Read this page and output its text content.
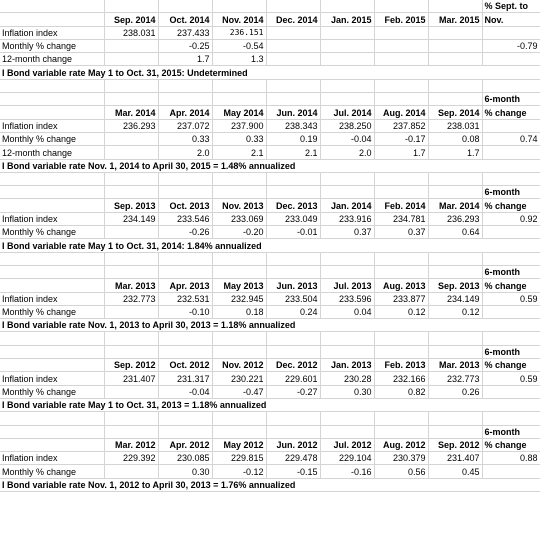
								% Sept. to
	Sep. 2014	Oct. 2014	Nov. 2014	Dec. 2014	Jan. 2015	Feb. 2015	Mar. 2015	Nov.
Inflation index	238.031	237.433	236.151					
Monthly % change		-0.25	-0.54					-0.79
12-month change		1.7	1.3					
I Bond variable rate May 1 to Oct. 31, 2015: Undetermined								

								6-month
	Mar. 2014	Apr. 2014	May 2014	Jun. 2014	Jul. 2014	Aug. 2014	Sep. 2014	% change
Inflation index	236.293	237.072	237.900	238.343	238.250	237.852	238.031	
Monthly % change		0.33	0.33	0.19	-0.04	-0.17	0.08	0.74
12-month change		2.0	2.1	2.1	2.0	1.7	1.7	
I Bond variable rate Nov. 1, 2014 to April 30, 2015 = 1.48% annualized								

								6-month
	Sep. 2013	Oct. 2013	Nov. 2013	Dec. 2013	Jan. 2014	Feb. 2014	Mar. 2014	% change
Inflation index	234.149	233.546	233.069	233.049	233.916	234.781	236.293	0.92
Monthly % change		-0.26	-0.20	-0.01	0.37	0.37	0.64	
I Bond variable rate May 1 to Oct. 31, 2014: 1.84% annualized								

								6-month
	Mar. 2013	Apr. 2013	May 2013	Jun. 2013	Jul. 2013	Aug. 2013	Sep. 2013	% change
Inflation index	232.773	232.531	232.945	233.504	233.596	233.877	234.149	0.59
Monthly % change		-0.10	0.18	0.24	0.04	0.12	0.12	
I Bond variable rate Nov. 1, 2013 to April 30, 2013 = 1.18% annualized								

								6-month
	Sep. 2012	Oct. 2012	Nov. 2012	Dec. 2012	Jan. 2013	Feb. 2013	Mar. 2013	% change
Inflation index	231.407	231.317	230.221	229.601	230.28	232.166	232.773	0.59
Monthly % change		-0.04	-0.47	-0.27	0.30	0.82	0.26	
I Bond variable rate May 1 to Oct. 31, 2013 = 1.18% annualized								

								6-month
	Mar. 2012	Apr. 2012	May 2012	Jun. 2012	Jul. 2012	Aug. 2012	Sep. 2012	% change
Inflation index	229.392	230.085	229.815	229.478	229.104	230.379	231.407	0.88
Monthly % change		0.30	-0.12	-0.15	-0.16	0.56	0.45	
I Bond variable rate Nov. 1, 2012 to April 30, 2013 = 1.76% annualized								
